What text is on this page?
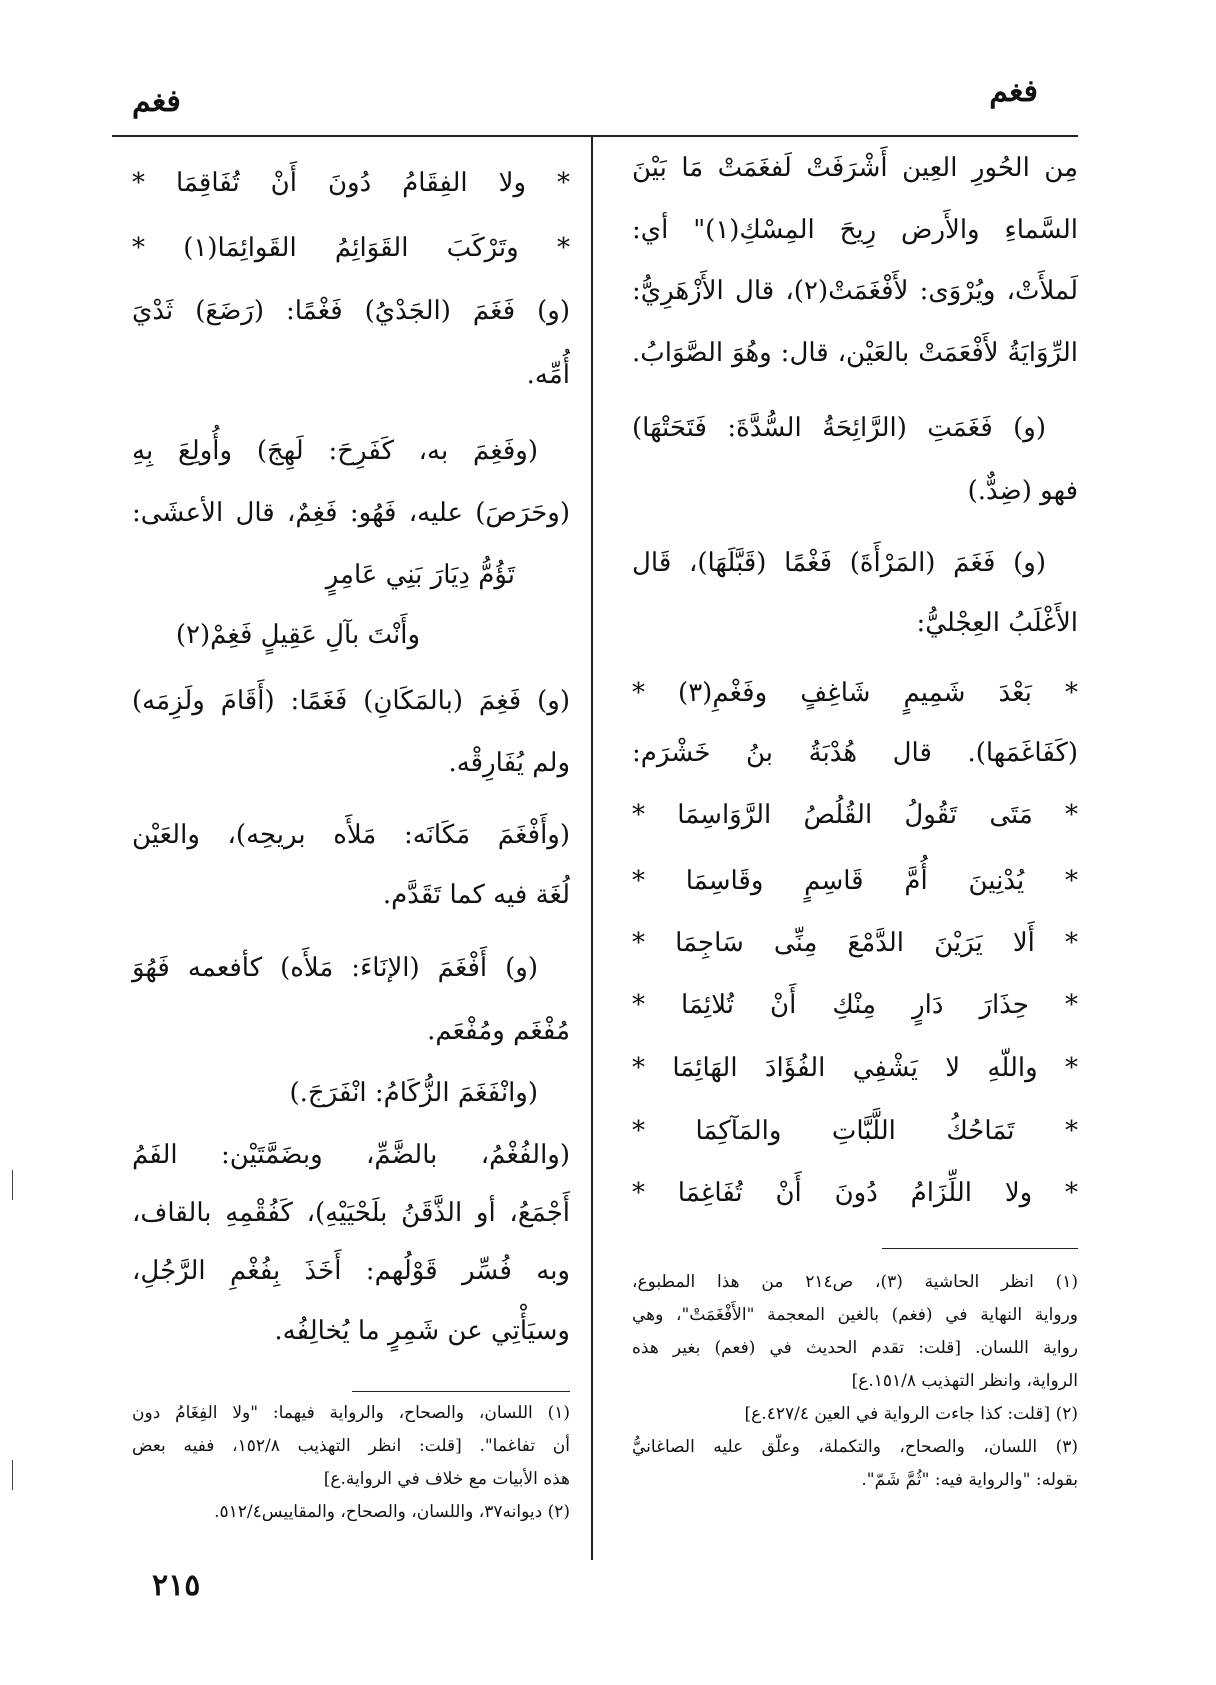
فغم	فغم
مِن الحُورِ العِين أَشْرَفَتْ لَفغَمَتْ مَا بَيْنَ
السَّماءِ والأَرض رِيحَ المِسْكِ(١)" أي:
لَملأَتْ، ويُرْوَى: لأَفْغَمَتْ(٢)، قال الأَزْهَرِيُّ:
الرِّوَايَةُ لأَفْعَمَتْ بالعَيْن، قال: وهُوَ الصَّوَابُ.
(و) فَغَمَتِ (الرَّائِحَةُ السُّدَّةَ: فَتَحَتْهَا)
فهو (ضِدٌّ.)
(و) فَغَمَ (المَرْأَةَ) فَغْمًا (قَبَّلَهَا)، قَال
الأَغْلَبُ العِجْليُّ:
* بَعْدَ شَمِيمٍ شَاغِفٍ وفَغْمِ(٣) *
(كَفَاغَمَها). قال هُدْبَةُ بنُ خَشْرَم:
* مَتَى تَقُولُ القُلُصُ الرَّوَاسِمَا *
* يُدْنِينَ أُمَّ قَاسِمٍ وقَاسِمَا *
* أَلا يَرَيْنَ الدَّمْعَ مِنِّى سَاجِمَا *
* حِذَارَ دَارٍ مِنْكِ أَنْ تُلائِمَا *
* واللّهِ لا يَشْفِي الفُؤَادَ الهَائِمَا *
* تَمَاحُكُ اللَّبَّاتِ والمَآكِمَا *
* ولا اللِّزَامُ دُونَ أَنْ تُفَاغِمَا *
(١) انظر الحاشية (٣)، ص٢١٤ من هذا المطبوع،
ورواية النهاية في (فغم) بالغين المعجمة "الأَفْغَمَتْ"، وهي
رواية اللسان. [قلت: تقدم الحديث في (فعم) بغير هذه
الرواية، وانظر التهذيب ١٥١/٨.ع]
(٢) [قلت: كذا جاءت الرواية في العين ٤٢٧/٤.ع]
(٣) اللسان، والصحاح، والتكملة، وعلّق عليه الصاغانيُّ
بقوله: "والرواية فيه: "ثُمَّ شَمّ".
* ولا الفِقَامُ دُونَ أَنْ تُفَاقِمَا *
* وتَرْكَبَ القَوَائِمُ القَوائِمَا(١) *
(و) فَغَمَ (الجَدْيُ) فَغْمًا: (رَضَعَ) ثَدْيَ
أُمِّه.
(وفَغِمَ به، كَفَرِحَ: لَهِجَ) وأُولِعَ بِهِ
(وحَرَصَ) عليه، فَهُو: فَغِمٌ، قال الأعشَى:
تَؤُمُّ دِيَارَ بَنِي عَامِرٍ
وأَنْتَ بآلِ عَقِيلٍ فَغِمْ(٢)
(و) فَغِمَ (بالمَكَانِ) فَغَمًا: (أَقَامَ ولَزِمَه)
ولم يُفَارِقْه.
(وأَفْغَمَ مَكَانَه: مَلأَه بريحِه)، والعَيْن
لُغَة فيه كما تَقَدَّم.
(و) أَفْغَمَ (الإنَاءَ: مَلأَه) كأفعمه فَهُوَ
مُفْغَم ومُفْعَم.
(وانْفَغَمَ الزُّكَامُ: انْفَرَجَ.)
(والفُغْمُ، بالضَّمِّ، وبضَمَّتَيْن: الفَمُ
أَجْمَعُ، أو الذَّقَنُ بلَحْيَيْهِ)، كَفُقْمِهِ بالقاف،
وبه فُسِّر قَوْلُهم: أَخَذَ بِفُغْمِ الرَّجُلِ،
وسيَأْتِي عن شَمِرٍ ما يُخالِفُه.
(١) اللسان، والصحاح، والرواية فيهما: "ولا الفِغَامُ دون
أن تفاغما". [قلت: انظر التهذيب ١٥٢/٨، ففيه بعض
هذه الأبيات مع خلاف في الرواية.ع]
(٢) ديوانه٣٧، واللسان، والصحاح، والمقاييس٥١٢/٤.
٢١٥
